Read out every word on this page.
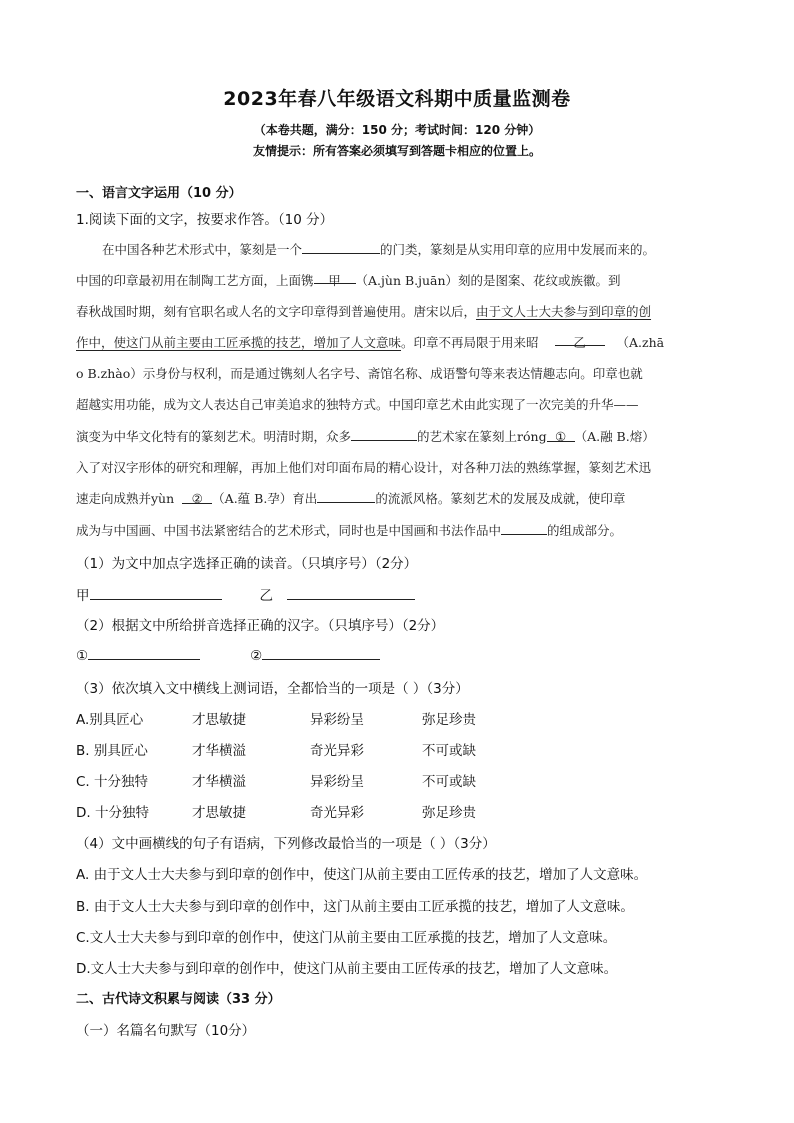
2023年春八年级语文科期中质量监测卷
（本卷共题，满分：150 分；考试时间：120 分钟）
友情提示：所有答案必须填写到答题卡相应的位置上。
一、语言文字运用（10 分）
1.阅读下面的文字，按要求作答。（10 分）
在中国各种艺术形式中，篆刻是一个	的门类，篆刻是从实用印章的应用中发展而来的。
中国的印章最初用在制陶工艺方面，上面镌 甲 （A.jùn B.juān）刻的是图案、花纹或族徽。到
春秋战国时期，刻有官职名或人名的文字印章得到普遍使用。唐宋以后，由于文人士大夫参与到印章的创
作中，使这门从前主要由工匠承揽的技艺，增加了人文意味。印章不再局限于用来昭	乙 （A.zhā
o B.zhào）示身份与权利，而是通过镌刻人名字号、斋馆名称、成语警句等来表达情趣志向。印章也就
超越实用功能，成为文人表达自己审美追求的独特方式。中国印章艺术由此实现了一次完美的升华——
演变为中华文化特有的篆刻艺术。明清时期，众多	的艺术家在篆刻上róng ① （A.融 B.熔）
入了对汉字形体的研究和理解，再加上他们对印面布局的精心设计，对各种刀法的熟练掌握，篆刻艺术迅
速走向成熟并yùn ② （A.蕴 B.孕）育出	的流派风格。篆刻艺术的发展及成就，使印章
成为与中国画、中国书法紧密结合的艺术形式，同时也是中国画和书法作品中	的组成部分。
（1）为文中加点字选择正确的读音。（只填序号）（2分）
甲	乙
（2）根据文中所给拼音选择正确的汉字。（只填序号）（2分）
①	②
（3）依次填入文中横线上测词语，全都恰当的一项是（ ）（3分）
A.别具匠心	才思敏捷	异彩纷呈	弥足珍贵
B. 别具匠心	才华横溢	奇光异彩	不可或缺
C. 十分独特	才华横溢	异彩纷呈	不可或缺
D. 十分独特	才思敏捷	奇光异彩	弥足珍贵
（4）文中画横线的句子有语病，下列修改最恰当的一项是（ ）（3分）
A. 由于文人士大夫参与到印章的创作中，使这门从前主要由工匠传承的技艺，增加了人文意味。
B. 由于文人士大夫参与到印章的创作中，这门从前主要由工匠承揽的技艺，增加了人文意味。
C.文人士大夫参与到印章的创作中，使这门从前主要由工匠承揽的技艺，增加了人文意味。
D.文人士大夫参与到印章的创作中，使这门从前主要由工匠传承的技艺，增加了人文意味。
二、古代诗文积累与阅读（33 分）
（一）名篇名句默写（10分）
